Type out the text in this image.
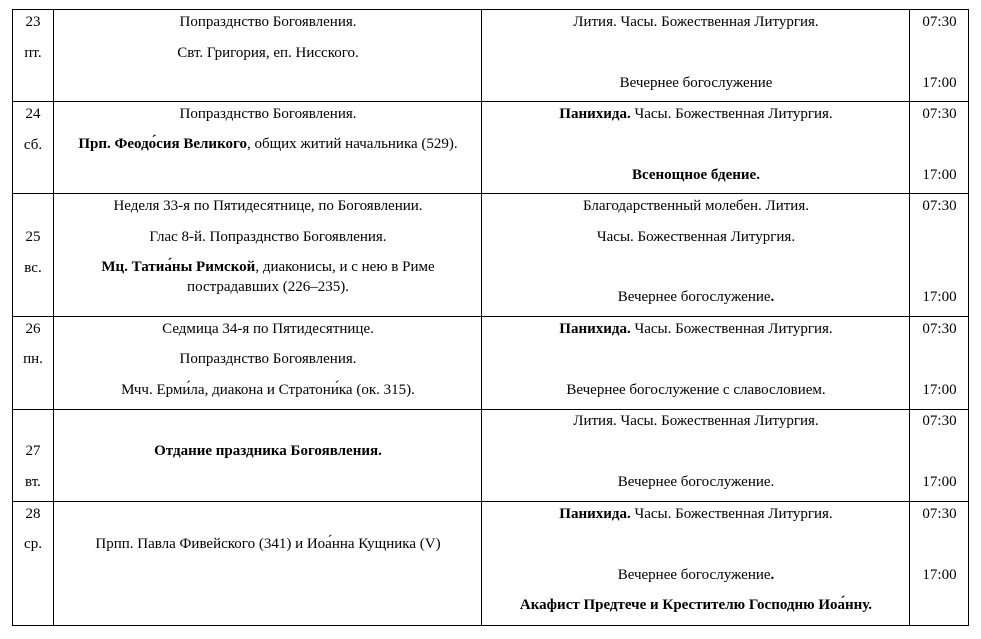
23
пт.
Попразднство Богоявления.
Свт. Григория, еп. Нисского.
Лития. Часы. Божественная Литургия.
Вечернее богослужение
07:30
17:00
24
сб.
Попразднство Богоявления.
Прп. Феодо́сия Великого, общих житий начальника (529).
Панихида. Часы. Божественная Литургия.
Всенощное бдение.
07:30
17:00
25
вс.
Неделя 33-я по Пятидесятнице, по Богоявлении.
Глас 8-й. Попразднство Богоявления.
Мц. Татиа́ны Римской, диаконисы, и с нею в Риме пострадавших (226–235).
Благодарственный молебен. Лития.
Часы. Божественная Литургия.
Вечернее богослужение.
07:30
17:00
26
пн.
Седмица 34-я по Пятидесятнице.
Попразднство Богоявления.
Мчч. Ерми́ла, диакона и Стратони́ка (ок. 315).
Панихида. Часы. Божественная Литургия.
Вечернее богослужение с славословием.
07:30
17:00
27
вт.
Отдание праздника Богоявления.
Лития. Часы. Божественная Литургия.
Вечернее богослужение.
07:30
17:00
28
ср.	Прпп. Павла Фивейского (341) и Иоа́нна Кущника (V)
Панихида. Часы. Божественная Литургия.
Вечернее богослужение.
Акафист Предтече и Крестителю Господню Иоа́нну.
07:30
17:00
